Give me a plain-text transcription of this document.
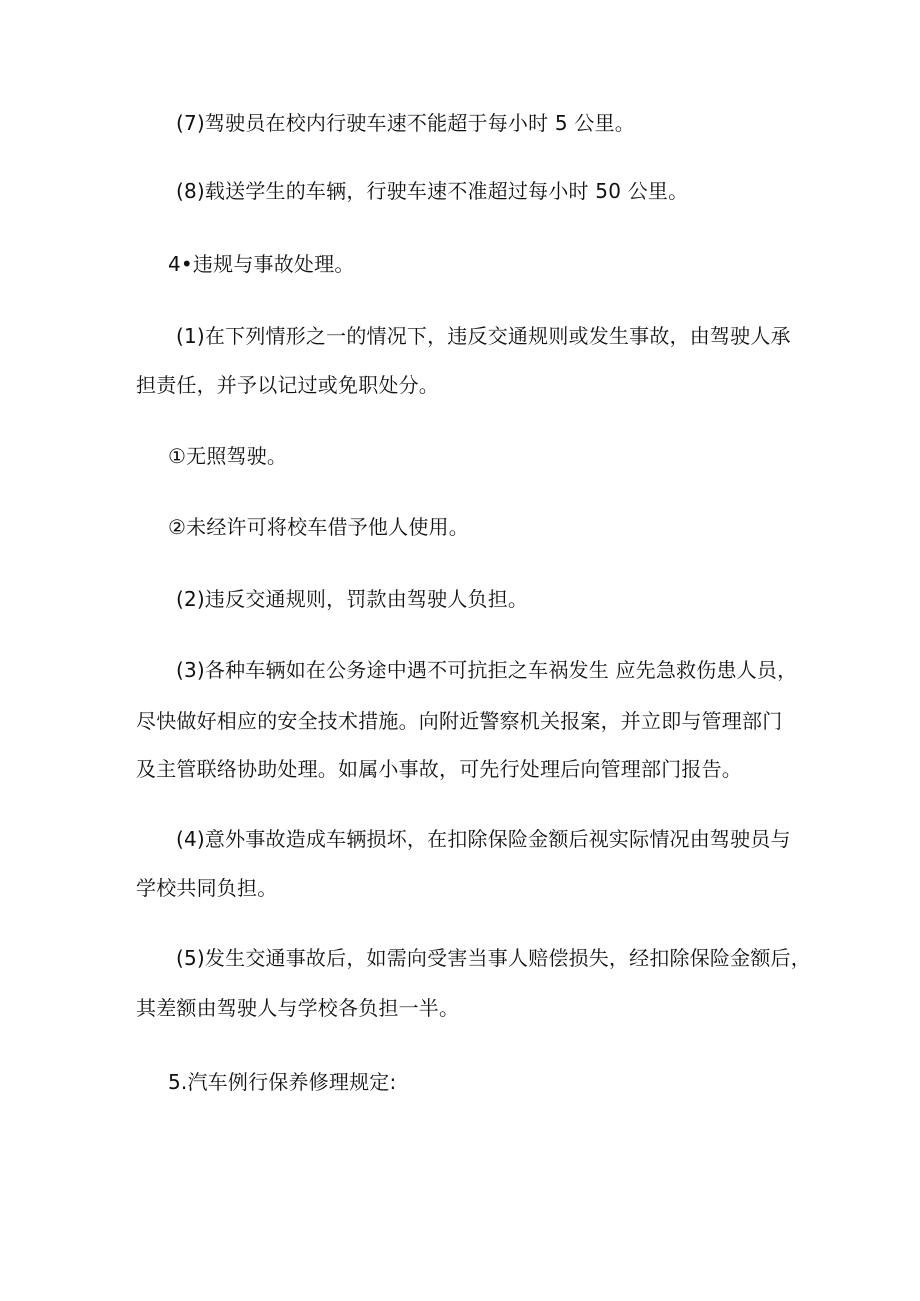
(7)驾驶员在校内行驶车速不能超于每小时 5 公里。
(8)载送学生的车辆，行驶车速不准超过每小时 50 公里。
4•违规与事故处理。
(1)在下列情形之一的情况下，违反交通规则或发生事故，由驾驶人承
担责任，并予以记过或免职处分。
①无照驾驶。
②未经许可将校车借予他人使用。
(2)违反交通规则，罚款由驾驶人负担。
(3)各种车辆如在公务途中遇不可抗拒之车祸发生 应先急救伤患人员，
尽快做好相应的安全技术措施。向附近警察机关报案，并立即与管理部门
及主管联络协助处理。如属小事故，可先行处理后向管理部门报告。
(4)意外事故造成车辆损坏，在扣除保险金额后视实际情况由驾驶员与
学校共同负担。
(5)发生交通事故后，如需向受害当事人赔偿损失，经扣除保险金额后，
其差额由驾驶人与学校各负担一半。
5.汽车例行保养修理规定:
